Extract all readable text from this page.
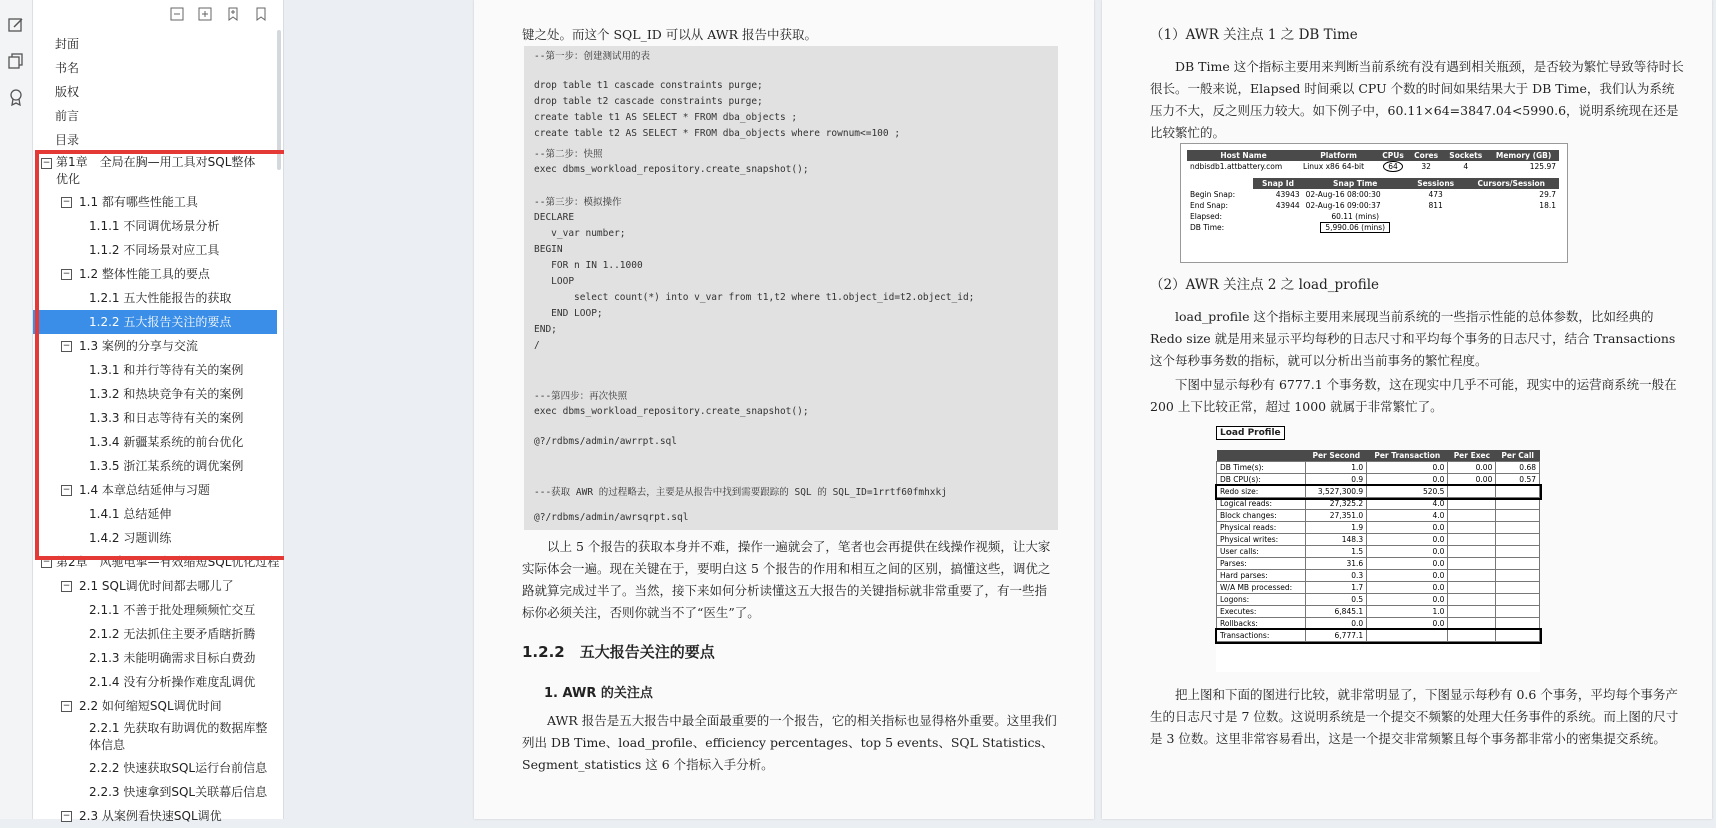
封面
书名
版权
前言
目录
− 第1章　全局在胸—用工具对SQL整体优化
− 1.1 都有哪些性能工具
1.1.1 不同调优场景分析
1.1.2 不同场景对应工具
− 1.2 整体性能工具的要点
1.2.1 五大性能报告的获取
1.2.2 五大报告关注的要点
− 1.3 案例的分享与交流
1.3.1 和并行等待有关的案例
1.3.2 和热块竞争有关的案例
1.3.3 和日志等待有关的案例
1.3.4 新疆某系统的前台优化
1.3.5 浙江某系统的调优案例
− 1.4 本章总结延伸与习题
1.4.1 总结延伸
1.4.2 习题训练
− 第2章　风驰电掣—有效缩短SQL优化过程
− 2.1 SQL调优时间都去哪儿了
2.1.1 不善于批处理频频忙交互
2.1.2 无法抓住主要矛盾瞎折腾
2.1.3 未能明确需求目标白费劲
2.1.4 没有分析操作难度乱调优
− 2.2 如何缩短SQL调优时间
2.2.1 先获取有助调优的数据库整体信息
2.2.2 快速获取SQL运行台前信息
2.2.3 快速拿到SQL关联幕后信息
− 2.3 从案例看快速SQL调优
键之处。而这个 SQL_ID 可以从 AWR 报告中获取。
--第一步：创建测试用的表
drop table t1 cascade constraints purge;
drop table t2 cascade constraints purge;
create table t1 AS SELECT * FROM dba_objects ;
create table t2 AS SELECT * FROM dba_objects where rownum<=100 ;
--第二步：快照
exec dbms_workload_repository.create_snapshot();
--第三步：模拟操作
DECLARE
v_var number;
BEGIN
FOR n IN 1..1000
LOOP
select count(*) into v_var from t1,t2 where t1.object_id=t2.object_id;
END LOOP;
END;
/
---第四步：再次快照
exec dbms_workload_repository.create_snapshot();
@?/rdbms/admin/awrrpt.sql
---获取 AWR 的过程略去，主要是从报告中找到需要跟踪的 SQL 的 SQL_ID=1rrtf60fmhxkj
@?/rdbms/admin/awrsqrpt.sql
以上 5 个报告的获取本身并不难，操作一遍就会了，笔者也会再提供在线操作视频，让大家实际体会一遍。现在关键在于，要明白这 5 个报告的作用和相互之间的区别，搞懂这些，调优之路就算完成过半了。当然，接下来如何分析读懂这五大报告的关键指标就非常重要了，有一些指标你必须关注，否则你就当不了“医生”了。
1.2.2　五大报告关注的要点
1. AWR 的关注点
AWR 报告是五大报告中最全面最重要的一个报告，它的相关指标也显得格外重要。这里我们列出 DB Time、load_profile、efficiency percentages、top 5 events、SQL Statistics、Segment_statistics 这 6 个指标入手分析。
（1）AWR 关注点 1 之 DB Time
DB Time 这个指标主要用来判断当前系统有没有遇到相关瓶颈，是否较为繁忙导致等待时长很长。一般来说，Elapsed 时间乘以 CPU 个数的时间如果结果大于 DB Time，我们认为系统压力不大，反之则压力较大。如下例子中，60.11×64=3847.04<5990.6，说明系统现在还是比较繁忙的。
Host Name	Platform	CPUs	Cores	Sockets	Memory (GB)
ndbisdb1.attbattery.com	Linux x86 64-bit	64	32	4	125.97
	Snap Id	Snap Time	Sessions	Cursors/Session
Begin Snap:	43943	02-Aug-16 08:00:30	473	29.7
End Snap:	43944	02-Aug-16 09:00:37	811	18.1
Elapsed:		60.11 (mins)		
DB Time:		5,990.06 (mins)		
（2）AWR 关注点 2 之 load_profile
load_profile 这个指标主要用来展现当前系统的一些指示性能的总体参数，比如经典的 Redo size 就是用来显示平均每秒的日志尺寸和平均每个事务的日志尺寸，结合 Transactions 这个每秒事务数的指标，就可以分析出当前事务的繁忙程度。
下图中显示每秒有 6777.1 个事务数，这在现实中几乎不可能，现实中的运营商系统一般在 200 上下比较正常，超过 1000 就属于非常繁忙了。
Load Profile
	Per Second	Per Transaction	Per Exec	Per Call
DB Time(s):	1.0	0.0	0.00	0.68
DB CPU(s):	0.9	0.0	0.00	0.57
Redo size:	3,527,300.9	520.5		
Logical reads:	27,325.2	4.0		
Block changes:	27,351.0	4.0		
Physical reads:	1.9	0.0		
Physical writes:	148.3	0.0		
User calls:	1.5	0.0		
Parses:	31.6	0.0		
Hard parses:	0.3	0.0		
W/A MB processed:	1.7	0.0		
Logons:	0.5	0.0		
Executes:	6,845.1	1.0		
Rollbacks:	0.0	0.0		
Transactions:	6,777.1			
把上图和下面的图进行比较，就非常明显了，下图显示每秒有 0.6 个事务，平均每个事务产生的日志尺寸是 7 位数。这说明系统是一个提交不频繁的处理大任务事件的系统。而上图的尺寸是 3 位数。这里非常容易看出，这是一个提交非常频繁且每个事务都非常小的密集提交系统。
